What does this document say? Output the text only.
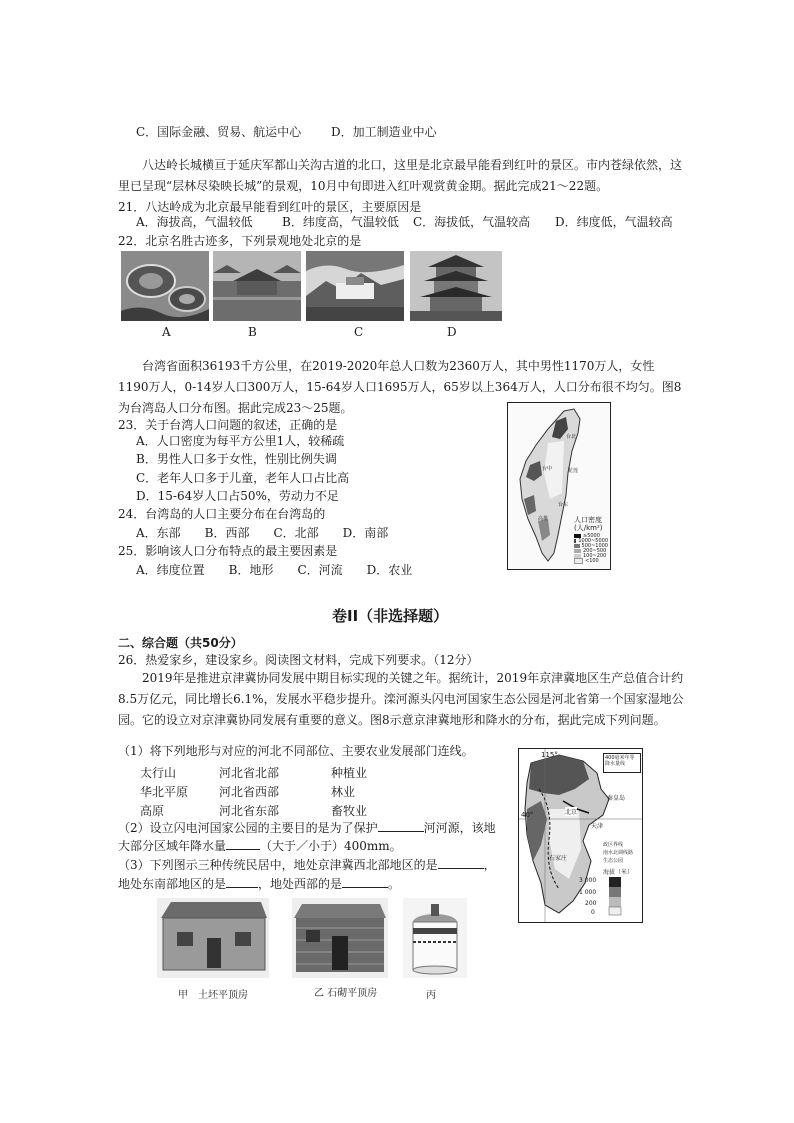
C．国际金融、贸易、航运中心 D．加工制造业中心
八达岭长城横亘于延庆军都山关沟古道的北口，这里是北京最早能看到红叶的景区。市内苍绿依然，这里已呈现“层林尽染映长城”的景观，10月中旬即进入红叶观赏黄金期。据此完成21～22题。
21．八达岭成为北京最早能看到红叶的景区，主要原因是
A．海拔高，气温较低 B．纬度高，气温较低 C．海拔低，气温较高 D．纬度低，气温较高
22．北京名胜古迹多，下列景观地处北京的是
A	B	C	D
台湾省面积36193千方公里，在2019-2020年总人口数为2360万人，其中男性1170万人，女性1190万人，0-14岁人口300万人，15-64岁人口1695万人，65岁以上364万人，人口分布很不均匀。图8为台湾岛人口分布图。据此完成23～25题。
23．关于台湾人口问题的叙述，正确的是
A．人口密度为每平方公里1人，较稀疏
B．男性人口多于女性，性别比例失调
C．老年人口多于儿童，老年人口占比高
D．15-64岁人口占50%，劳动力不足
24．台湾岛的人口主要分布在台湾岛的
A．东部　　B．西部　　C．北部　　D．南部
25．影响该人口分布特点的最主要因素是
A．纬度位置　　B．地形　　C．河流　　D．农业
人口密度
(人/km²)
≥5000
1000~5000
500~1000
200~500
100~200
<100
台北
台中
高雄
花莲
台东
卷II（非选择题）
二、综合题（共50分）
26．热爱家乡，建设家乡。阅读图文材料，完成下列要求。（12分）
2019年是推进京津冀协同发展中期目标实现的关键之年。据统计，2019年京津冀地区生产总值合计约8.5万亿元，同比增长6.1%，发展水平稳步提升。滦河源头闪电河国家生态公园是河北省第一个国家湿地公园。它的设立对京津冀协同发展有重要的意义。图8示意京津冀地形和降水的分布，据此完成下列问题。
（1）将下列地形与对应的河北不同部位、主要农业发展部门连线。
太行山	河北省北部	种植业
华北平原	河北省西部	林业
高原	河北省东部	畜牧业
（2）设立闪电河国家公园的主要目的是为了保护	河河源，该地
大部分区域年降水量	（大于／小于）400mm。
（3）下列图示三种传统民居中，地处京津冀西北部地区的是	，
地处东南部地区的是	，地处西部的是	。
甲　土坯平顶房	乙 石砌平顶房	丙
115°
40°
400毫米年等降水量线
北京
天津
秦皇岛
石家庄
政区界线
南水北调线路
生态公园
海拔（米）
3 000
1 000
200
0
